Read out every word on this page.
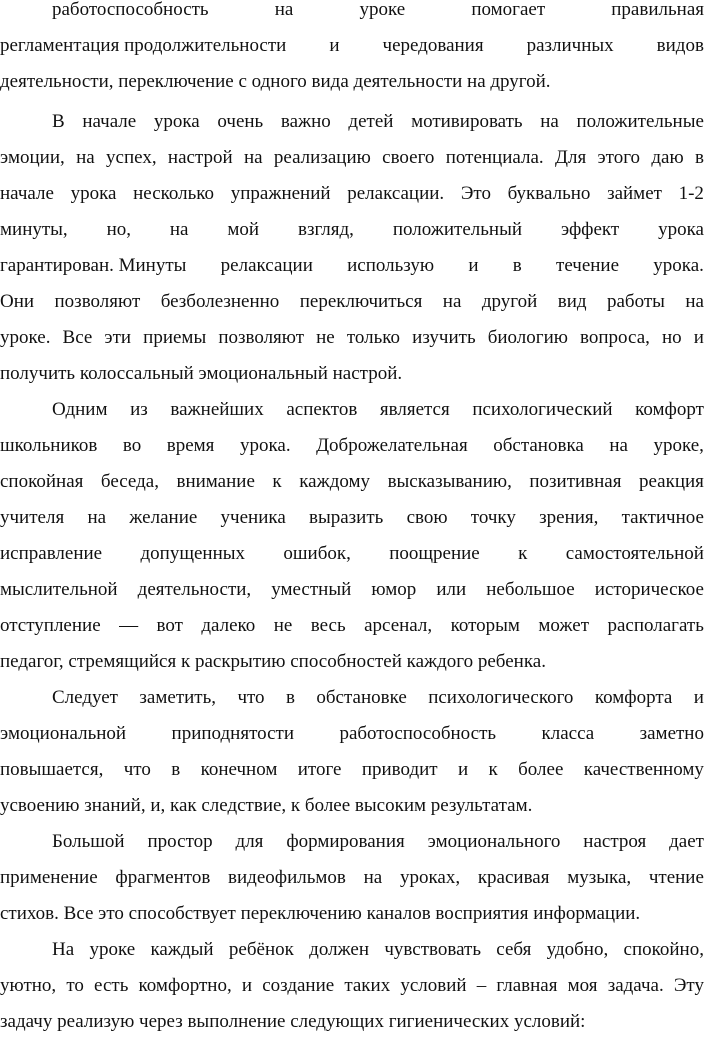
работоспособность	на	уроке	помогает	правильная
регламентация продолжительности и чередования различных видов
деятельности, переключение с одного вида деятельности на другой.
В начале урока очень важно детей мотивировать на положительные
эмоции, на успех, настрой на реализацию своего потенциала. Для этого даю в
начале урока несколько упражнений релаксации. Это буквально займет 1-2
минуты, но, на мой взгляд, положительный эффект урока
гарантирован. Минуты релаксации использую и в течение урока.
Они позволяют безболезненно переключиться на другой вид работы на
уроке. Все эти приемы позволяют не только изучить биологию вопроса, но и
получить колоссальный эмоциональный настрой.
Одним из важнейших аспектов является психологический комфорт
школьников во время урока. Доброжелательная обстановка на уроке,
спокойная беседа, внимание к каждому высказыванию, позитивная реакция
учителя на желание ученика выразить свою точку зрения, тактичное
исправление допущенных ошибок, поощрение к самостоятельной
мыслительной деятельности, уместный юмор или небольшое историческое
отступление — вот далеко не весь арсенал, которым может располагать
педагог, стремящийся к раскрытию способностей каждого ребенка.
Следует заметить, что в обстановке психологического комфорта и
эмоциональной приподнятости работоспособность класса заметно
повышается, что в конечном итоге приводит и к более качественному
усвоению знаний, и, как следствие, к более высоким результатам.
Большой простор для формирования эмоционального настроя дает
применение фрагментов видеофильмов на уроках, красивая музыка, чтение
стихов. Все это способствует переключению каналов восприятия информации.
На уроке каждый ребёнок должен чувствовать себя удобно, спокойно,
уютно, то есть комфортно, и создание таких условий – главная моя задача. Эту
задачу реализую через выполнение следующих гигиенических условий:
